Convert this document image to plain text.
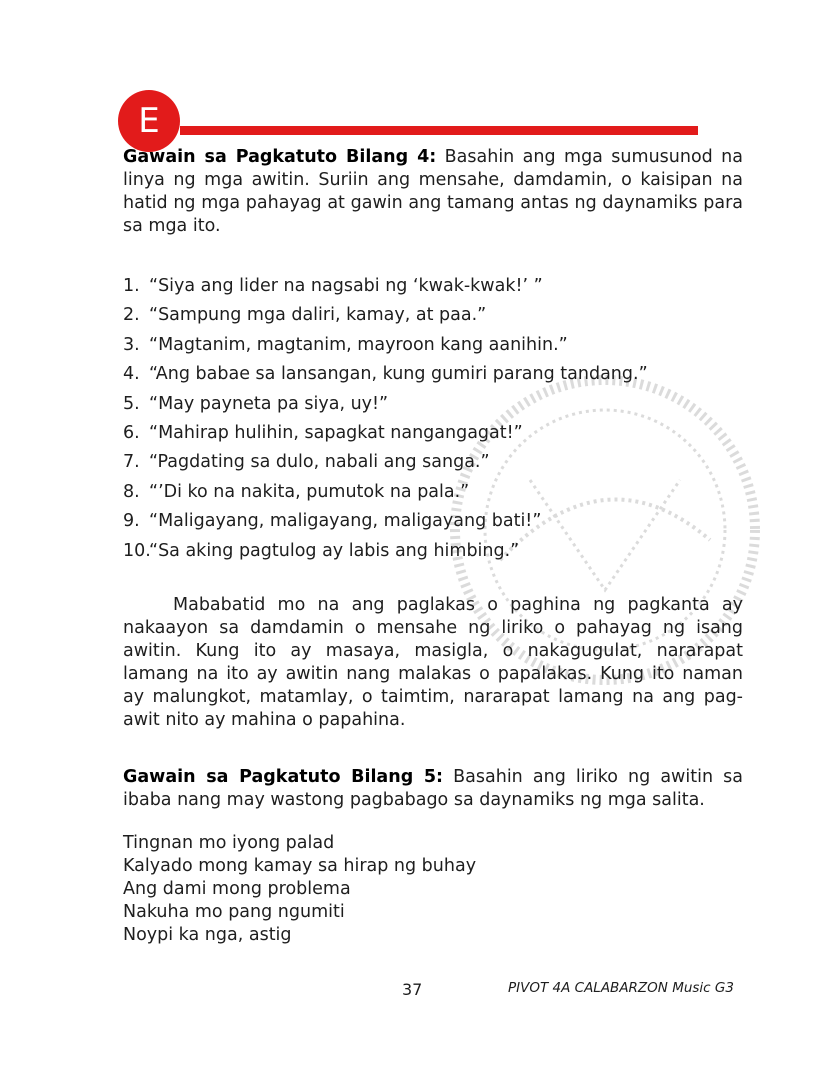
E
Gawain sa Pagkatuto Bilang 4: Basahin ang mga sumusunod na linya ng mga awitin. Suriin ang mensahe, damdamin, o kaisipan na hatid ng mga pahayag at gawin ang tamang antas ng daynamiks para sa mga ito.
1. “Siya ang lider na nagsabi ng ‘kwak-kwak!’ ”
2. “Sampung mga daliri, kamay, at paa.”
3. “Magtanim, magtanim, mayroon kang aanihin.”
4. “Ang babae sa lansangan, kung gumiri parang tandang.”
5. “May payneta pa siya, uy!”
6. “Mahirap hulihin, sapagkat nangangagat!”
7. “Pagdating sa dulo, nabali ang sanga.”
8. “’Di ko na nakita, pumutok na pala.”
9. “Maligayang, maligayang, maligayang bati!”
10.“Sa aking pagtulog ay labis ang himbing.”
Mababatid mo na ang paglakas o paghina ng pagkanta ay nakaayon sa damdamin o mensahe ng liriko o pahayag ng isang awitin. Kung ito ay masaya, masigla, o nakagugulat, nararapat lamang na ito ay awitin nang malakas o papalakas. Kung ito naman ay malungkot, matamlay, o taimtim, nararapat lamang na ang pag-awit nito ay mahina o papahina.
Gawain sa Pagkatuto Bilang 5: Basahin ang liriko ng awitin sa ibaba nang may wastong pagbabago sa daynamiks ng mga salita.
Tingnan mo iyong palad
Kalyado mong kamay sa hirap ng buhay
Ang dami mong problema
Nakuha mo pang ngumiti
Noypi ka nga, astig
37	PIVOT 4A CALABARZON Music G3
